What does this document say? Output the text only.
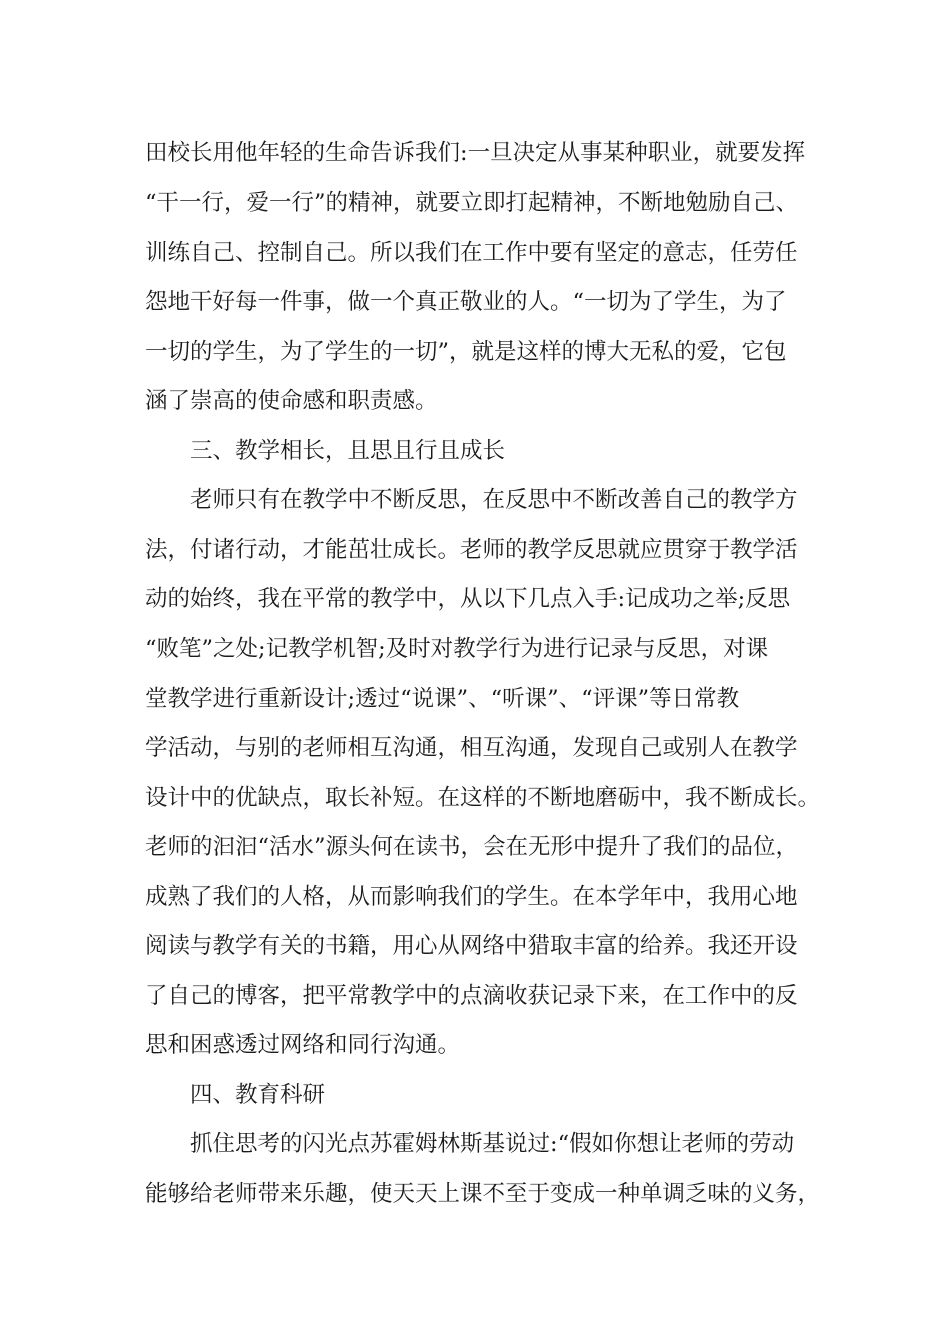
田校长用他年轻的生命告诉我们:一旦决定从事某种职业，就要发挥
“干一行，爱一行”的精神，就要立即打起精神，不断地勉励自己、
训练自己、控制自己。所以我们在工作中要有坚定的意志，任劳任
怨地干好每一件事，做一个真正敬业的人。“一切为了学生，为了
一切的学生，为了学生的一切”，就是这样的博大无私的爱，它包
涵了崇高的使命感和职责感。
三、教学相长，且思且行且成长
老师只有在教学中不断反思，在反思中不断改善自己的教学方
法，付诸行动，才能茁壮成长。老师的教学反思就应贯穿于教学活
动的始终，我在平常的教学中，从以下几点入手:记成功之举;反思
“败笔”之处;记教学机智;及时对教学行为进行记录与反思，对课
堂教学进行重新设计;透过“说课”、“听课”、“评课”等日常教
学活动，与别的老师相互沟通，相互沟通，发现自己或别人在教学
设计中的优缺点，取长补短。在这样的不断地磨砺中，我不断成长。
老师的汩汩“活水”源头何在读书，会在无形中提升了我们的品位，
成熟了我们的人格，从而影响我们的学生。在本学年中，我用心地
阅读与教学有关的书籍，用心从网络中猎取丰富的给养。我还开设
了自己的博客，把平常教学中的点滴收获记录下来，在工作中的反
思和困惑透过网络和同行沟通。
四、教育科研
抓住思考的闪光点苏霍姆林斯基说过:“假如你想让老师的劳动
能够给老师带来乐趣，使天天上课不至于变成一种单调乏味的义务，
